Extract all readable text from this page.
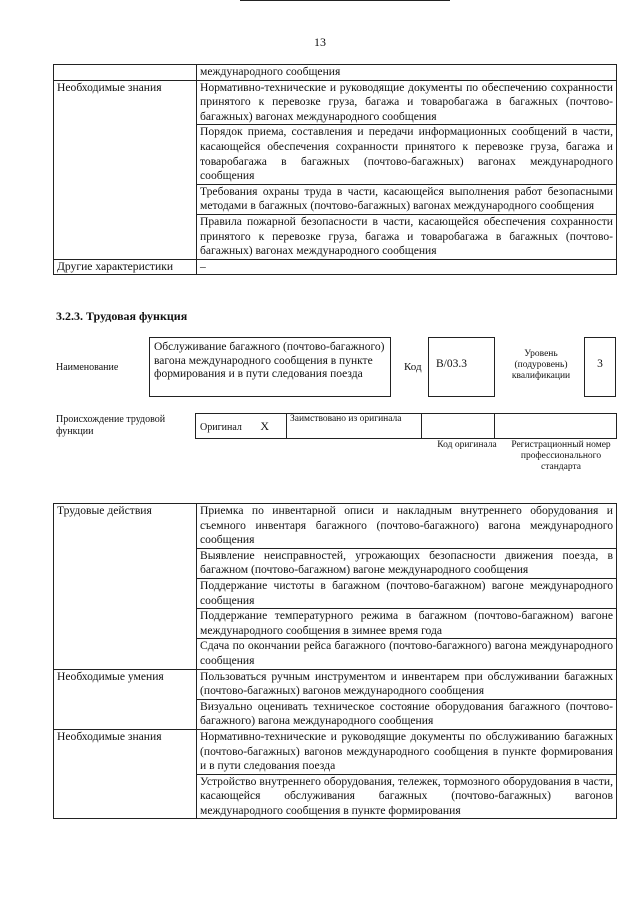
13
	международного сообщения
Необходимые знания	Нормативно-технические и руководящие документы по обеспечению сохранности принятого к перевозке груза, багажа и товаробагажа в багажных (почтово-багажных) вагонах международного сообщения
	Порядок приема, составления и передачи информационных сообщений в части, касающейся обеспечения сохранности принятого к перевозке груза, багажа и товаробагажа в багажных (почтово-багажных) вагонах международного сообщения
	Требования охраны труда в части, касающейся выполнения работ безопасными методами в багажных (почтово-багажных) вагонах международного сообщения
	Правила пожарной безопасности в части, касающейся обеспечения сохранности принятого к перевозке груза, багажа и товаробагажа в багажных (почтово-багажных) вагонах международного сообщения
Другие характеристики	–
3.2.3. Трудовая функция
Наименование
Обслуживание багажного (почтово-багажного) вагона международного сообщения в пункте формирования и в пути следования поезда
Код	B/03.3
Уровень (подуровень) квалификации
3
Происхождение трудовой функции	Оригинал X	Заимствовано из оригинала		
Код оригинала	Регистрационный номер профессионального стандарта
Трудовые действия	Приемка по инвентарной описи и накладным внутреннего оборудования и съемного инвентаря багажного (почтово-багажного) вагона международного сообщения
	Выявление неисправностей, угрожающих безопасности движения поезда, в багажном (почтово-багажном) вагоне международного сообщения
	Поддержание чистоты в багажном (почтово-багажном) вагоне международного сообщения
	Поддержание температурного режима в багажном (почтово-багажном) вагоне международного сообщения в зимнее время года
	Сдача по окончании рейса багажного (почтово-багажного) вагона международного сообщения
Необходимые умения	Пользоваться ручным инструментом и инвентарем при обслуживании багажных (почтово-багажных) вагонов международного сообщения
	Визуально оценивать техническое состояние оборудования багажного (почтово-багажного) вагона международного сообщения
Необходимые знания	Нормативно-технические и руководящие документы по обслуживанию багажных (почтово-багажных) вагонов международного сообщения в пункте формирования и в пути следования поезда
	Устройство внутреннего оборудования, тележек, тормозного оборудования в части, касающейся обслуживания багажных (почтово-багажных) вагонов международного сообщения в пункте формирования
